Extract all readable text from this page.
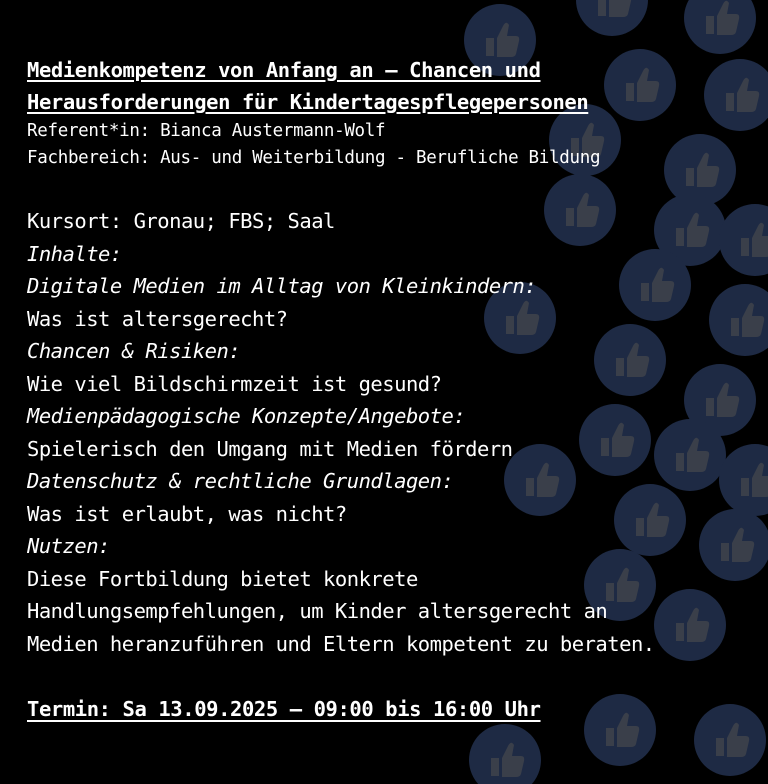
Medienkompetenz von Anfang an – Chancen und
Herausforderungen für Kindertagespflegepersonen
Referent*in: Bianca Austermann-Wolf
Fachbereich: Aus- und Weiterbildung - Berufliche Bildung
Kursort: Gronau; FBS; Saal
Inhalte:
Digitale Medien im Alltag von Kleinkindern:
Was ist altersgerecht?
Chancen & Risiken:
Wie viel Bildschirmzeit ist gesund?
Medienpädagogische Konzepte/Angebote:
Spielerisch den Umgang mit Medien fördern
Datenschutz & rechtliche Grundlagen:
Was ist erlaubt, was nicht?
Nutzen:
Diese Fortbildung bietet konkrete
Handlungsempfehlungen, um Kinder altersgerecht an
Medien heranzuführen und Eltern kompetent zu beraten.
Termin: Sa 13.09.2025 – 09:00 bis 16:00 Uhr
